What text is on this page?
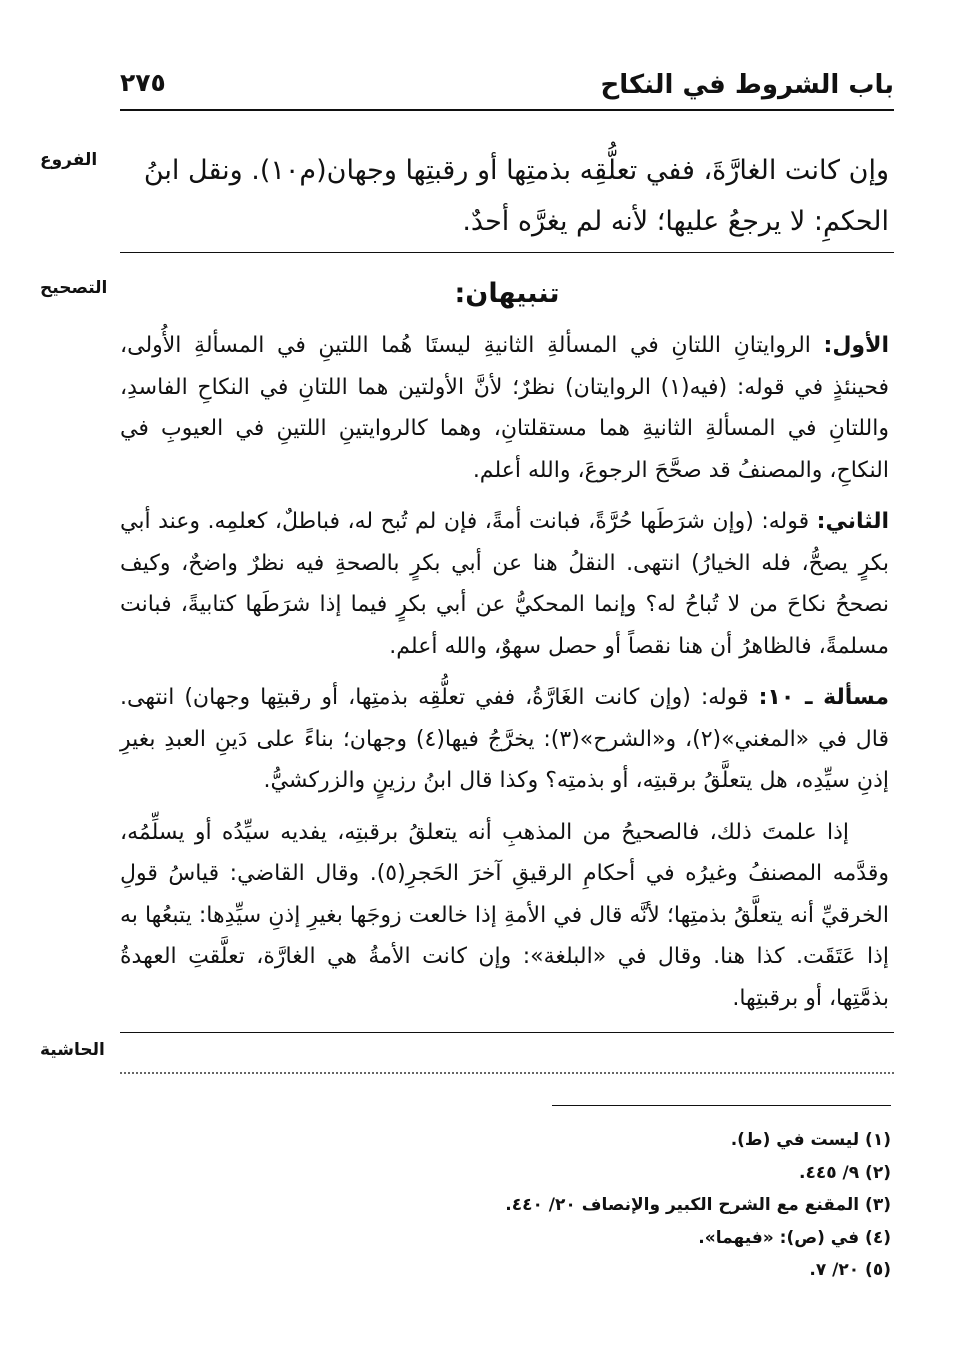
باب الشروط في النكاح
٢٧٥
الفروع
التصحيح
الحاشية
وإن كانت الغارَّةَ، ففي تعلُّقِه بذمتِها أو رقبتِها وجهان(م١٠). ونقل ابنُ
الحكمِ: لا يرجعُ عليها؛ لأنه لم يغرَّه أحدٌ.
تنبيهان:

الأول: الروايتانِ اللتانِ في المسألةِ الثانيةِ ليستَا هُما اللتينِ في المسألةِ الأُولى، فحينئذٍ في قوله: (فيه(١) الروايتان) نظرٌ؛ لأنَّ الأولتين هما اللتانِ في النكاحِ الفاسدِ، واللتانِ في المسألةِ الثانيةِ هما مستقلتانِ، وهما كالروايتينِ اللتينِ في العيوبِ في النكاحِ، والمصنفُ قد صحَّحَ الرجوعَ، والله أعلم.

الثاني: قوله: (وإن شرَطَها حُرَّةً، فبانت أمةً، فإن لم تُبح له، فباطلٌ، كعلمِه. وعند أبي بكرٍ يصحُّ، فله الخيارُ) انتهى. النقلُ هنا عن أبي بكرٍ بالصحةِ فيه نظرٌ واضحٌ، وكيف نصححُ نكاحَ من لا تُباحُ له؟ وإنما المحكيُّ عن أبي بكرٍ فيما إذا شرَطَها كتابيةً، فبانت مسلمةً، فالظاهرُ أن هنا نقصاً أو حصل سهوٌ، والله أعلم.

مسألة ـ ١٠: قوله: (وإن كانت الغَارَّةُ، ففي تعلُّقِه بذمتِها، أو رقبتِها وجهان) انتهى. قال في «المغني»(٢)، و«الشرح»(٣): يخرَّجُ فيها(٤) وجهان؛ بناءً على دَينِ العبدِ بغيرِ إذنِ سيِّدِه، هل يتعلَّقُ برقبتِه، أو بذمتِه؟ وكذا قال ابنُ رزينٍ والزركشيُّ.

إذا علمتَ ذلك، فالصحيحُ من المذهبِ أنه يتعلقُ برقبتِه، يفديه سيِّدُه أو يسلِّمُه، وقدَّمه المصنفُ وغيرُه في أحكامِ الرقيقِ آخرَ الحَجرِ(٥). وقال القاضي: قياسُ قولِ الخرقيِّ أنه يتعلَّقُ بذمتِها؛ لأنَّه قال في الأمةِ إذا خالعت زوجَها بغيرِ إذنِ سيِّدِها: يتبعُها به إذا عَتَقَت. كذا هنا. وقال في «البلغة»: وإن كانت الأمةُ هي الغارَّة، تعلَّقتِ العهدةُ بذمَّتِها، أو برقبتِها.

(١) ليست في (ط).
(٢) ٩/ ٤٤٥.
(٣) المقنع مع الشرح الكبير والإنصاف ٢٠/ ٤٤٠.
(٤) في (ص): «فيهما».
(٥) ٢٠/ ٧.
